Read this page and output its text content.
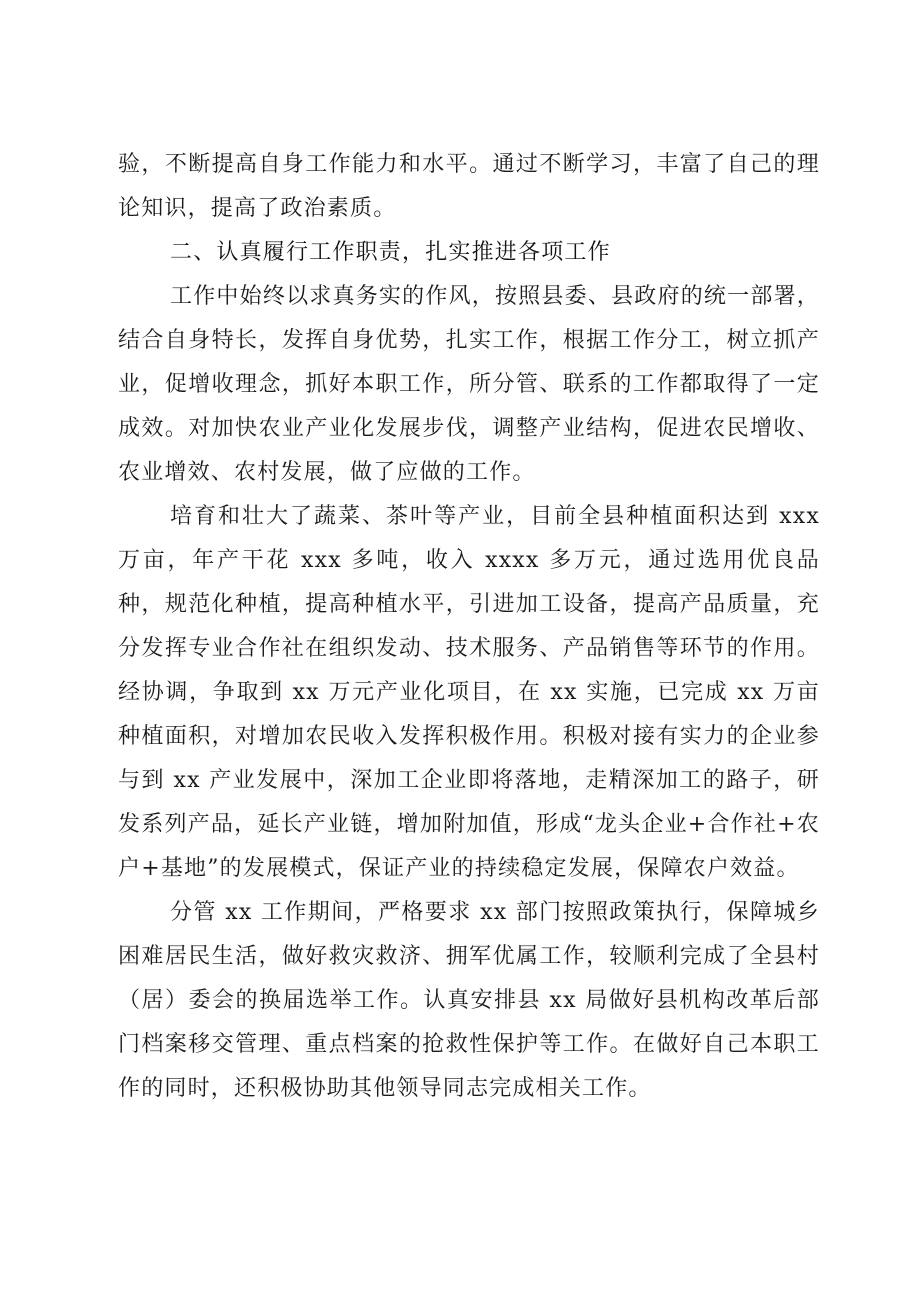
验，不断提高自身工作能力和水平。通过不断学习，丰富了自己的理论知识，提高了政治素质。

二、认真履行工作职责，扎实推进各项工作

工作中始终以求真务实的作风，按照县委、县政府的统一部署，结合自身特长，发挥自身优势，扎实工作，根据工作分工，树立抓产业，促增收理念，抓好本职工作，所分管、联系的工作都取得了一定成效。对加快农业产业化发展步伐，调整产业结构，促进农民增收、农业增效、农村发展，做了应做的工作。

培育和壮大了蔬菜、茶叶等产业，目前全县种植面积达到 xxx 万亩，年产干花 xxx 多吨，收入 xxxx 多万元，通过选用优良品种，规范化种植，提高种植水平，引进加工设备，提高产品质量，充分发挥专业合作社在组织发动、技术服务、产品销售等环节的作用。经协调，争取到 xx 万元产业化项目，在 xx 实施，已完成 xx 万亩种植面积，对增加农民收入发挥积极作用。积极对接有实力的企业参与到 xx 产业发展中，深加工企业即将落地，走精深加工的路子，研发系列产品，延长产业链，增加附加值，形成“龙头企业+合作社+农户+基地”的发展模式，保证产业的持续稳定发展，保障农户效益。

分管 xx 工作期间，严格要求 xx 部门按照政策执行，保障城乡困难居民生活，做好救灾救济、拥军优属工作，较顺利完成了全县村（居）委会的换届选举工作。认真安排县 xx 局做好县机构改革后部门档案移交管理、重点档案的抢救性保护等工作。在做好自己本职工作的同时，还积极协助其他领导同志完成相关工作。
